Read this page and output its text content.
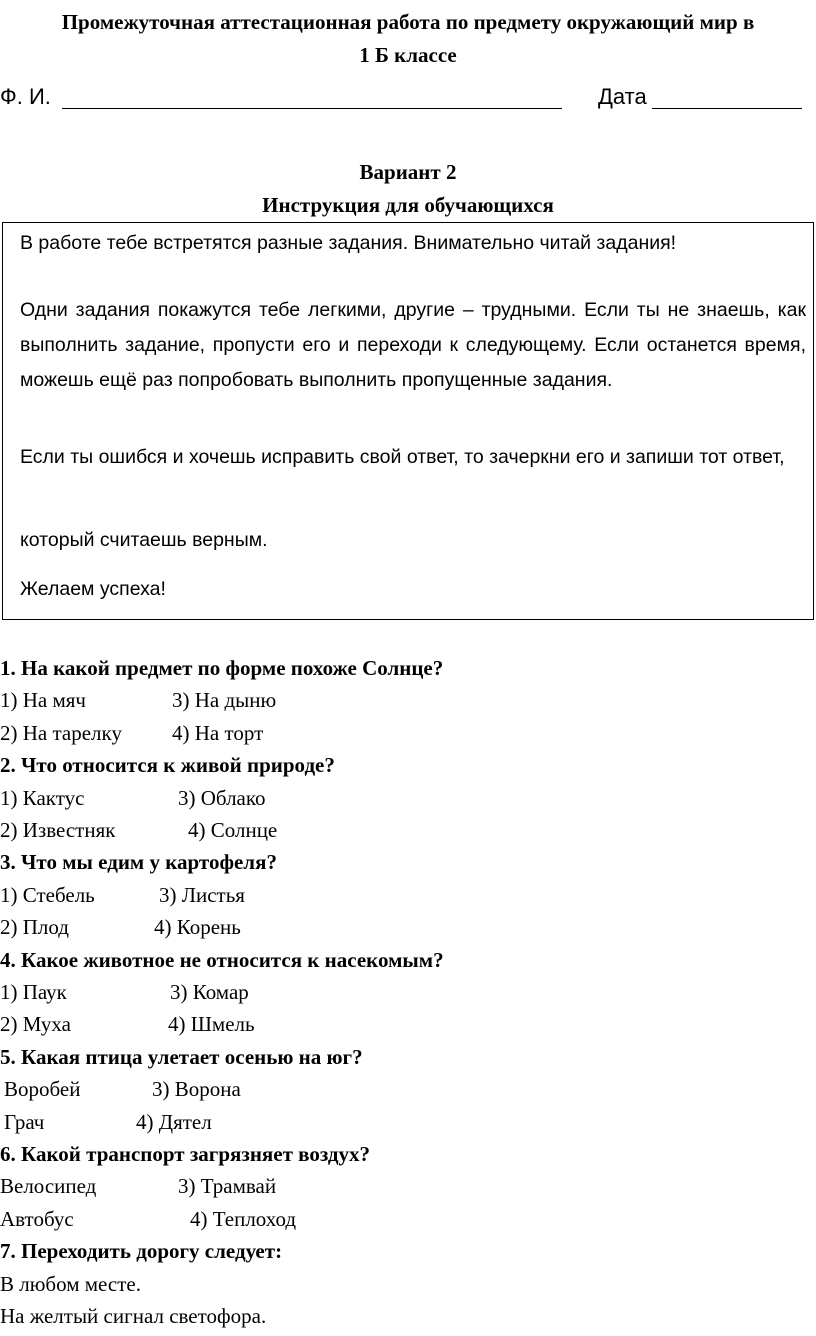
Промежуточная аттестационная работа по предмету окружающий мир в
1 Б классе
Ф. И.	Дата
Вариант 2
Инструкция для обучающихся

В работе тебе встретятся разные задания. Внимательно читай задания!

Одни задания покажутся тебе легкими, другие – трудными. Если ты не знаешь, как выполнить задание, пропусти его и переходи к следующему. Если останется время, можешь ещё раз попробовать выполнить пропущенные задания.

Если ты ошибся и хочешь исправить свой ответ, то зачеркни его и запиши тот ответ,

который считаешь верным.

Желаем успеха!

1. На какой предмет по форме похоже Солнце?
1) На мяч	3) На дыню
2) На тарелку 4) На торт
2. Что относится к живой природе?
1) Кактус	3) Облако
2) Известняк	4) Солнце
3. Что мы едим у картофеля?
1) Стебель	3) Листья
2) Плод	4) Корень
4. Какое животное не относится к насекомым?
1) Паук	3) Комар
2) Муха	4) Шмель
5. Какая птица улетает осенью на юг?
Воробей	3) Ворона
Грач	4) Дятел
6. Какой транспорт загрязняет воздух?
Велосипед	3) Трамвай
Автобус	4) Теплоход
7. Переходить дорогу следует:
В любом месте.
На желтый сигнал светофора.
